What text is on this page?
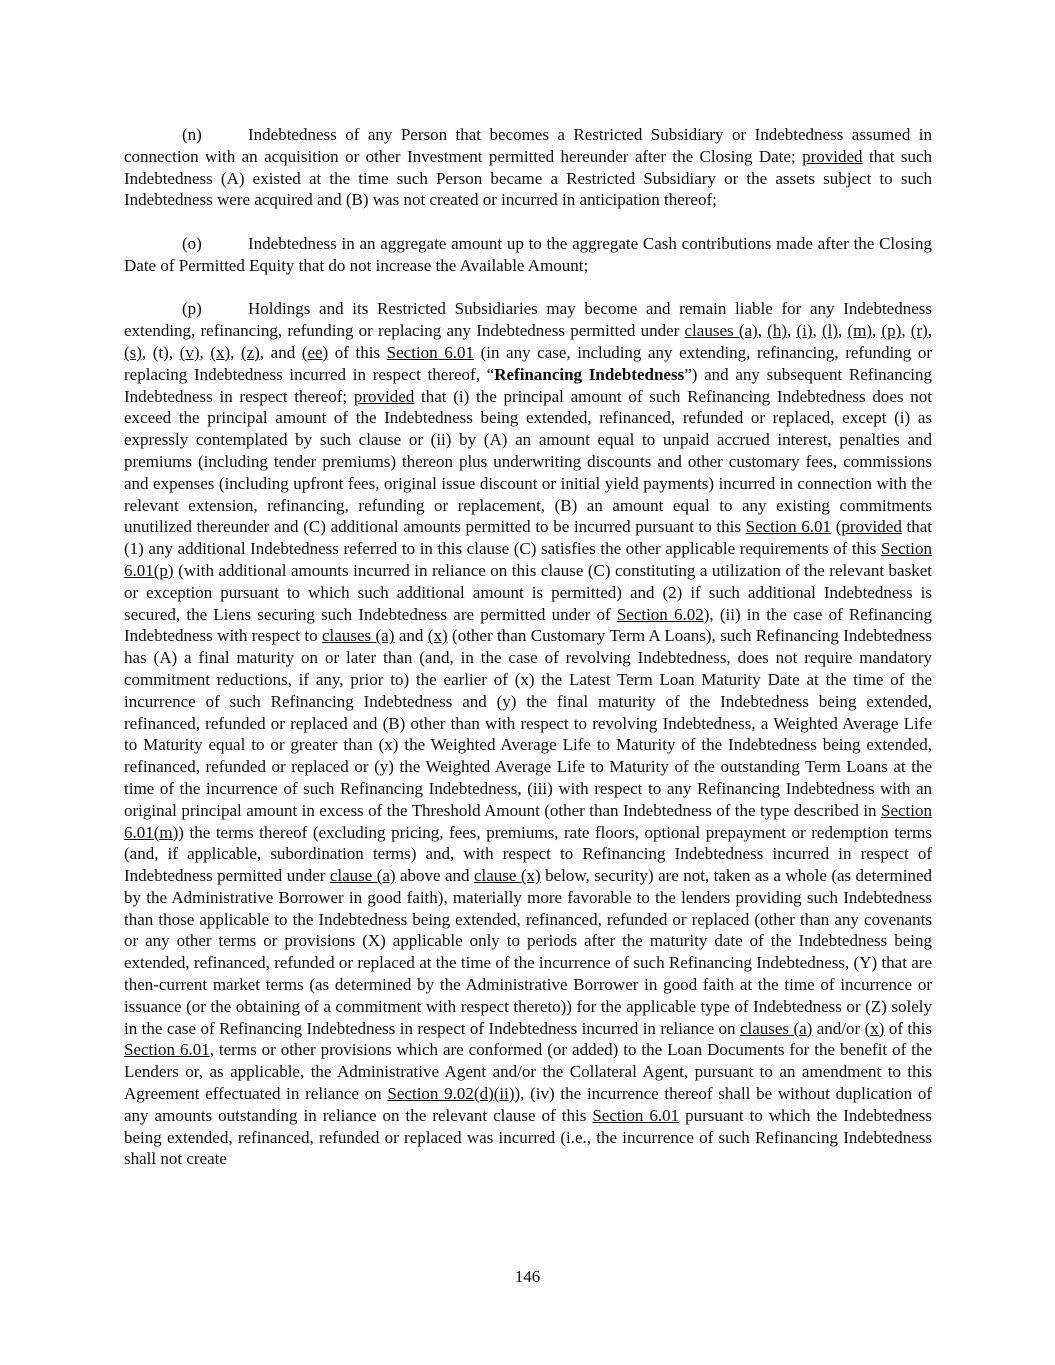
(n)	Indebtedness of any Person that becomes a Restricted Subsidiary or Indebtedness assumed in connection with an acquisition or other Investment permitted hereunder after the Closing Date; provided that such Indebtedness (A) existed at the time such Person became a Restricted Subsidiary or the assets subject to such Indebtedness were acquired and (B) was not created or incurred in anticipation thereof;

(o)	Indebtedness in an aggregate amount up to the aggregate Cash contributions made after the Closing Date of Permitted Equity that do not increase the Available Amount;

(p)	Holdings and its Restricted Subsidiaries may become and remain liable for any Indebtedness extending, refinancing, refunding or replacing any Indebtedness permitted under clauses (a), (h), (i), (l), (m), (p), (r), (s), (t), (v), (x), (z), and (ee) of this Section 6.01 (in any case, including any extending, refinancing, refunding or replacing Indebtedness incurred in respect thereof, “Refinancing Indebtedness”) and any subsequent Refinancing Indebtedness in respect thereof; provided that (i) the principal amount of such Refinancing Indebtedness does not exceed the principal amount of the Indebtedness being extended, refinanced, refunded or replaced, except (i) as expressly contemplated by such clause or (ii) by (A) an amount equal to unpaid accrued interest, penalties and premiums (including tender premiums) thereon plus underwriting discounts and other customary fees, commissions and expenses (including upfront fees, original issue discount or initial yield payments) incurred in connection with the relevant extension, refinancing, refunding or replacement, (B) an amount equal to any existing commitments unutilized thereunder and (C) additional amounts permitted to be incurred pursuant to this Section 6.01 (provided that (1) any additional Indebtedness referred to in this clause (C) satisfies the other applicable requirements of this Section 6.01(p) (with additional amounts incurred in reliance on this clause (C) constituting a utilization of the relevant basket or exception pursuant to which such additional amount is permitted) and (2) if such additional Indebtedness is secured, the Liens securing such Indebtedness are permitted under of Section 6.02), (ii) in the case of Refinancing Indebtedness with respect to clauses (a) and (x) (other than Customary Term A Loans), such Refinancing Indebtedness has (A) a final maturity on or later than (and, in the case of revolving Indebtedness, does not require mandatory commitment reductions, if any, prior to) the earlier of (x) the Latest Term Loan Maturity Date at the time of the incurrence of such Refinancing Indebtedness and (y) the final maturity of the Indebtedness being extended, refinanced, refunded or replaced and (B) other than with respect to revolving Indebtedness, a Weighted Average Life to Maturity equal to or greater than (x) the Weighted Average Life to Maturity of the Indebtedness being extended, refinanced, refunded or replaced or (y) the Weighted Average Life to Maturity of the outstanding Term Loans at the time of the incurrence of such Refinancing Indebtedness, (iii) with respect to any Refinancing Indebtedness with an original principal amount in excess of the Threshold Amount (other than Indebtedness of the type described in Section 6.01(m)) the terms thereof (excluding pricing, fees, premiums, rate floors, optional prepayment or redemption terms (and, if applicable, subordination terms) and, with respect to Refinancing Indebtedness incurred in respect of Indebtedness permitted under clause (a) above and clause (x) below, security) are not, taken as a whole (as determined by the Administrative Borrower in good faith), materially more favorable to the lenders providing such Indebtedness than those applicable to the Indebtedness being extended, refinanced, refunded or replaced (other than any covenants or any other terms or provisions (X) applicable only to periods after the maturity date of the Indebtedness being extended, refinanced, refunded or replaced at the time of the incurrence of such Refinancing Indebtedness, (Y) that are then-current market terms (as determined by the Administrative Borrower in good faith at the time of incurrence or issuance (or the obtaining of a commitment with respect thereto)) for the applicable type of Indebtedness or (Z) solely in the case of Refinancing Indebtedness in respect of Indebtedness incurred in reliance on clauses (a) and/or (x) of this Section 6.01, terms or other provisions which are conformed (or added) to the Loan Documents for the benefit of the Lenders or, as applicable, the Administrative Agent and/or the Collateral Agent, pursuant to an amendment to this Agreement effectuated in reliance on Section 9.02(d)(ii)), (iv) the incurrence thereof shall be without duplication of any amounts outstanding in reliance on the relevant clause of this Section 6.01 pursuant to which the Indebtedness being extended, refinanced, refunded or replaced was incurred (i.e., the incurrence of such Refinancing Indebtedness shall not create

146
